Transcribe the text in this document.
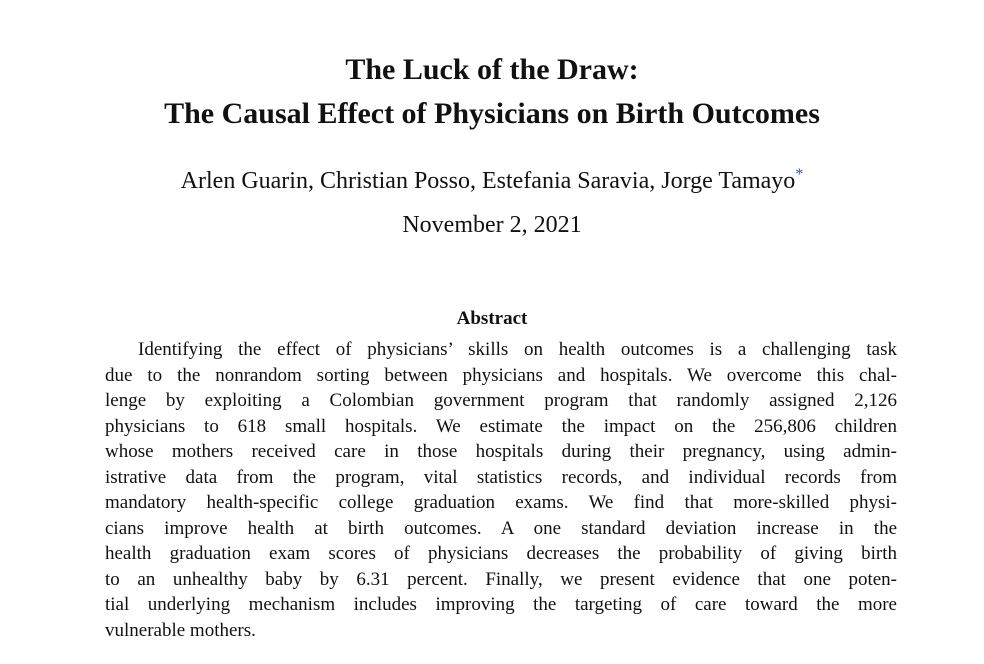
The Luck of the Draw:
The Causal Effect of Physicians on Birth Outcomes
Arlen Guarin, Christian Posso, Estefania Saravia, Jorge Tamayo*
November 2, 2021
Abstract
Identifying the effect of physicians’ skills on health outcomes is a challenging task
due to the nonrandom sorting between physicians and hospitals. We overcome this chal-
lenge by exploiting a Colombian government program that randomly assigned 2,126
physicians to 618 small hospitals. We estimate the impact on the 256,806 children
whose mothers received care in those hospitals during their pregnancy, using admin-
istrative data from the program, vital statistics records, and individual records from
mandatory health-specific college graduation exams. We find that more-skilled physi-
cians improve health at birth outcomes. A one standard deviation increase in the
health graduation exam scores of physicians decreases the probability of giving birth
to an unhealthy baby by 6.31 percent. Finally, we present evidence that one poten-
tial underlying mechanism includes improving the targeting of care toward the more
vulnerable mothers.
